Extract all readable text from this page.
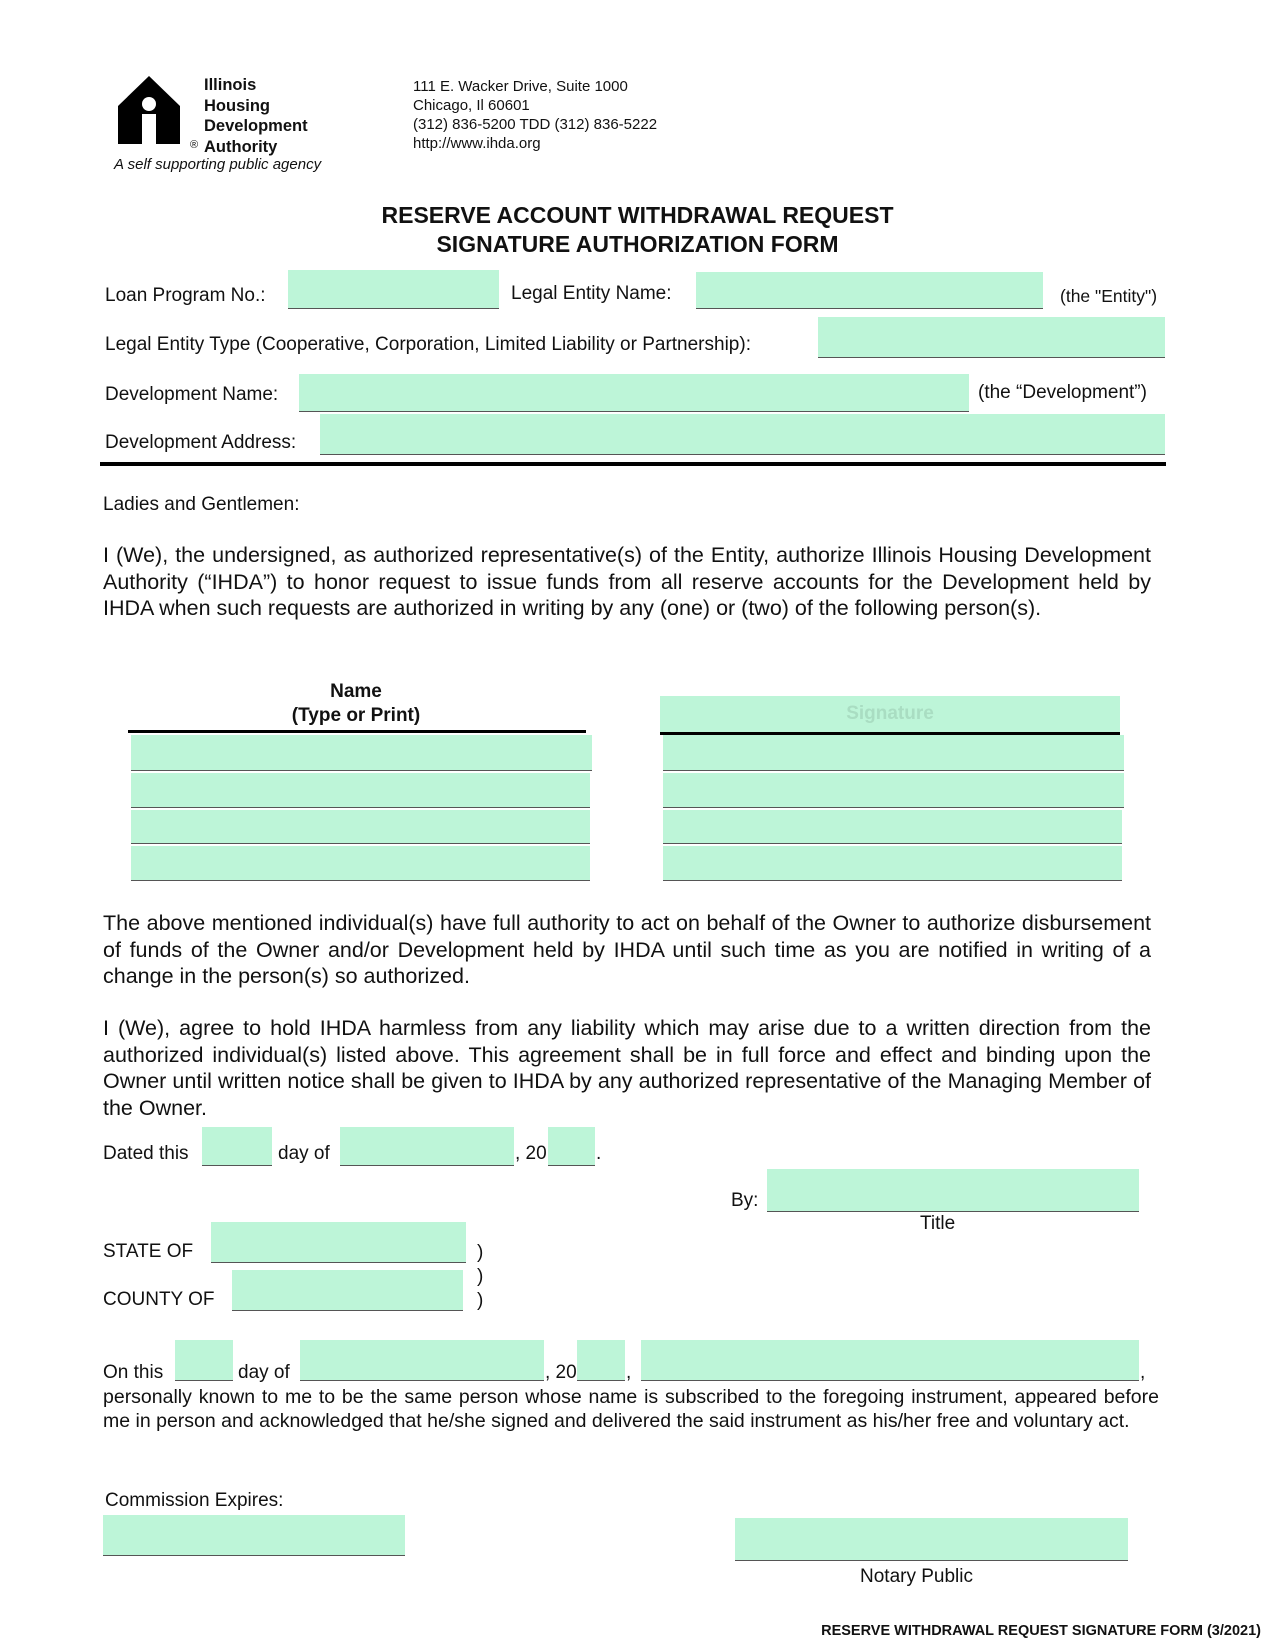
Illinois
Housing
Development
Authority
®
A self supporting public agency
111 E. Wacker Drive, Suite 1000
Chicago, Il 60601
(312) 836-5200 TDD (312) 836-5222
http://www.ihda.org
RESERVE ACCOUNT WITHDRAWAL REQUEST
SIGNATURE AUTHORIZATION FORM
Loan Program No.:	Legal Entity Name:	(the "Entity")
Legal Entity Type (Cooperative, Corporation, Limited Liability or Partnership):
Development Name:	(the “Development”)
Development Address:
Ladies and Gentlemen:
I (We), the undersigned, as authorized representative(s) of the Entity, authorize Illinois Housing Development Authority (“IHDA”) to honor request to issue funds from all reserve accounts for the Development held by IHDA when such requests are authorized in writing by any (one) or (two) of the following person(s).
Name
(Type or Print)	Signature
The above mentioned individual(s) have full authority to act on behalf of the Owner to authorize disbursement of funds of the Owner and/or Development held by IHDA until such time as you are notified in writing of a change in the person(s) so authorized.
I (We), agree to hold IHDA harmless from any liability which may arise due to a written direction from the authorized individual(s) listed above. This agreement shall be in full force and effect and binding upon the Owner until written notice shall be given to IHDA by any authorized representative of the Managing Member of the Owner.
Dated this	day of	, 20	.
By:
Title
STATE OF
COUNTY OF
)
)
)
On this	day of	, 20	,	,
personally known to me to be the same person whose name is subscribed to the foregoing instrument, appeared before me in person and acknowledged that he/she signed and delivered the said instrument as his/her free and voluntary act.
Commission Expires:
Notary Public
RESERVE WITHDRAWAL REQUEST SIGNATURE FORM (3/2021)
